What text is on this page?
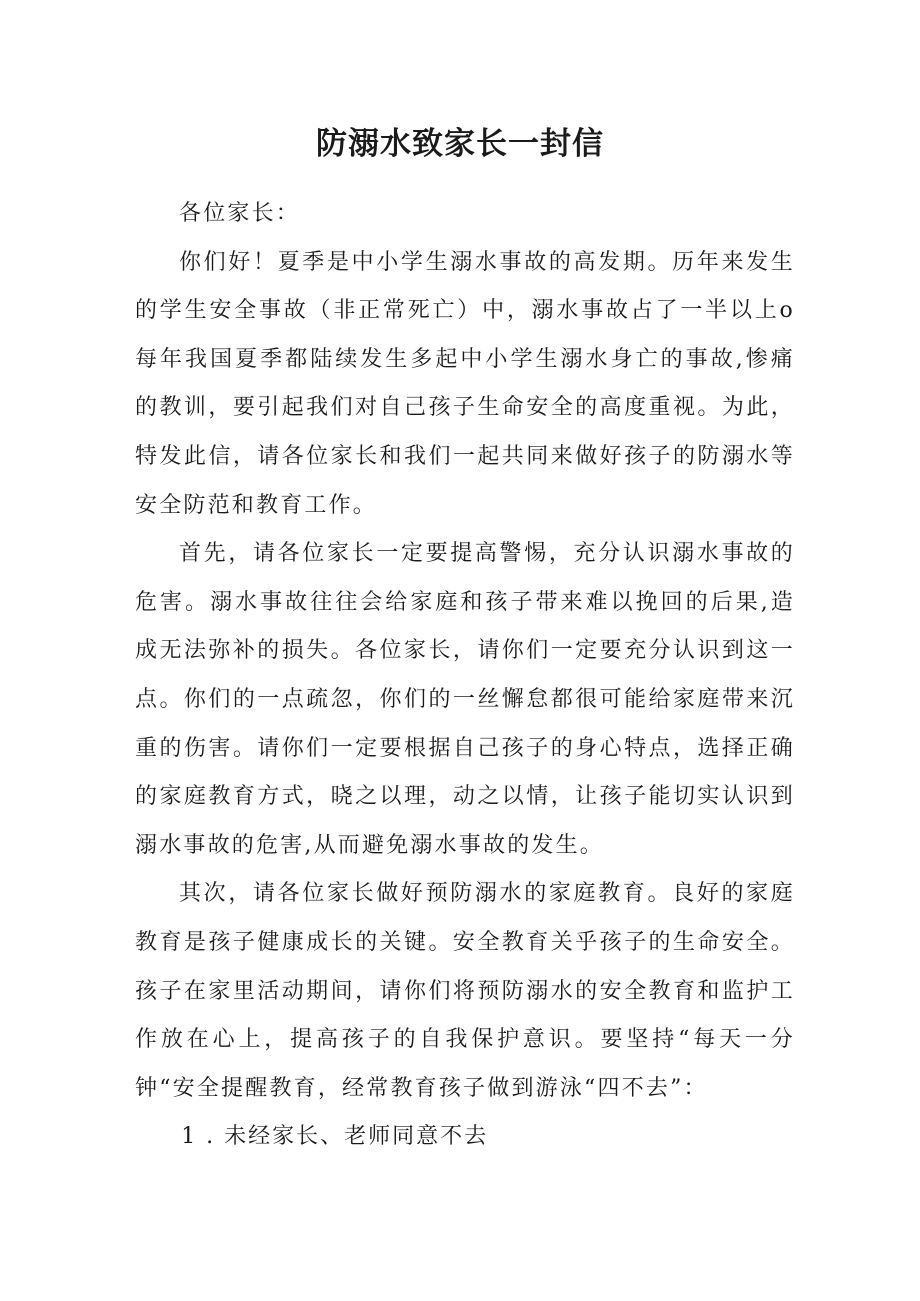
防溺水致家长一封信

各位家长：

你们好！夏季是中小学生溺水事故的高发期。历年来发生的学生安全事故（非正常死亡）中，溺水事故占了一半以上o每年我国夏季都陆续发生多起中小学生溺水身亡的事故,惨痛的教训，要引起我们对自己孩子生命安全的高度重视。为此，特发此信，请各位家长和我们一起共同来做好孩子的防溺水等安全防范和教育工作。

首先，请各位家长一定要提高警惕，充分认识溺水事故的危害。溺水事故往往会给家庭和孩子带来难以挽回的后果,造成无法弥补的损失。各位家长，请你们一定要充分认识到这一点。你们的一点疏忽，你们的一丝懈怠都很可能给家庭带来沉重的伤害。请你们一定要根据自己孩子的身心特点，选择正确的家庭教育方式，晓之以理，动之以情，让孩子能切实认识到溺水事故的危害,从而避免溺水事故的发生。

其次，请各位家长做好预防溺水的家庭教育。良好的家庭教育是孩子健康成长的关键。安全教育关乎孩子的生命安全。孩子在家里活动期间，请你们将预防溺水的安全教育和监护工作放在心上，提高孩子的自我保护意识。要坚持“每天一分钟“安全提醒教育，经常教育孩子做到游泳“四不去”：

1 . 未经家长、老师同意不去
